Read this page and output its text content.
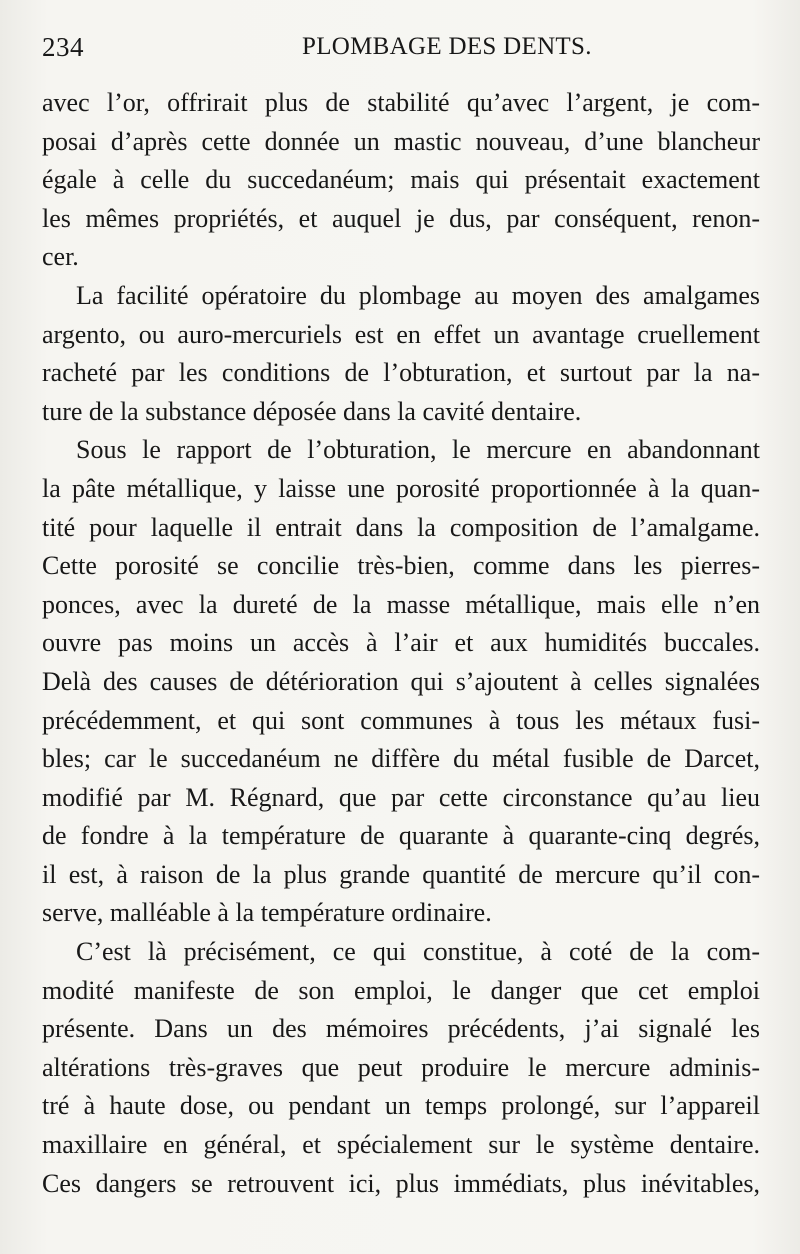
234	PLOMBAGE DES DENTS.
avec l’or, offrirait plus de stabilité qu’avec l’argent, je com-
posai d’après cette donnée un mastic nouveau, d’une blancheur
égale à celle du succedanéum; mais qui présentait exactement
les mêmes propriétés, et auquel je dus, par conséquent, renon-
cer.
La facilité opératoire du plombage au moyen des amalgames
argento, ou auro-mercuriels est en effet un avantage cruellement
racheté par les conditions de l’obturation, et surtout par la na-
ture de la substance déposée dans la cavité dentaire.
Sous le rapport de l’obturation, le mercure en abandonnant
la pâte métallique, y laisse une porosité proportionnée à la quan-
tité pour laquelle il entrait dans la composition de l’amalgame.
Cette porosité se concilie très-bien, comme dans les pierres-
ponces, avec la dureté de la masse métallique, mais elle n’en
ouvre pas moins un accès à l’air et aux humidités buccales.
Delà des causes de détérioration qui s’ajoutent à celles signalées
précédemment, et qui sont communes à tous les métaux fusi-
bles; car le succedanéum ne diffère du métal fusible de Darcet,
modifié par M. Régnard, que par cette circonstance qu’au lieu
de fondre à la température de quarante à quarante-cinq degrés,
il est, à raison de la plus grande quantité de mercure qu’il con-
serve, malléable à la température ordinaire.
C’est là précisément, ce qui constitue, à coté de la com-
modité manifeste de son emploi, le danger que cet emploi
présente. Dans un des mémoires précédents, j’ai signalé les
altérations très-graves que peut produire le mercure adminis-
tré à haute dose, ou pendant un temps prolongé, sur l’appareil
maxillaire en général, et spécialement sur le système dentaire.
Ces dangers se retrouvent ici, plus immédiats, plus inévitables,
